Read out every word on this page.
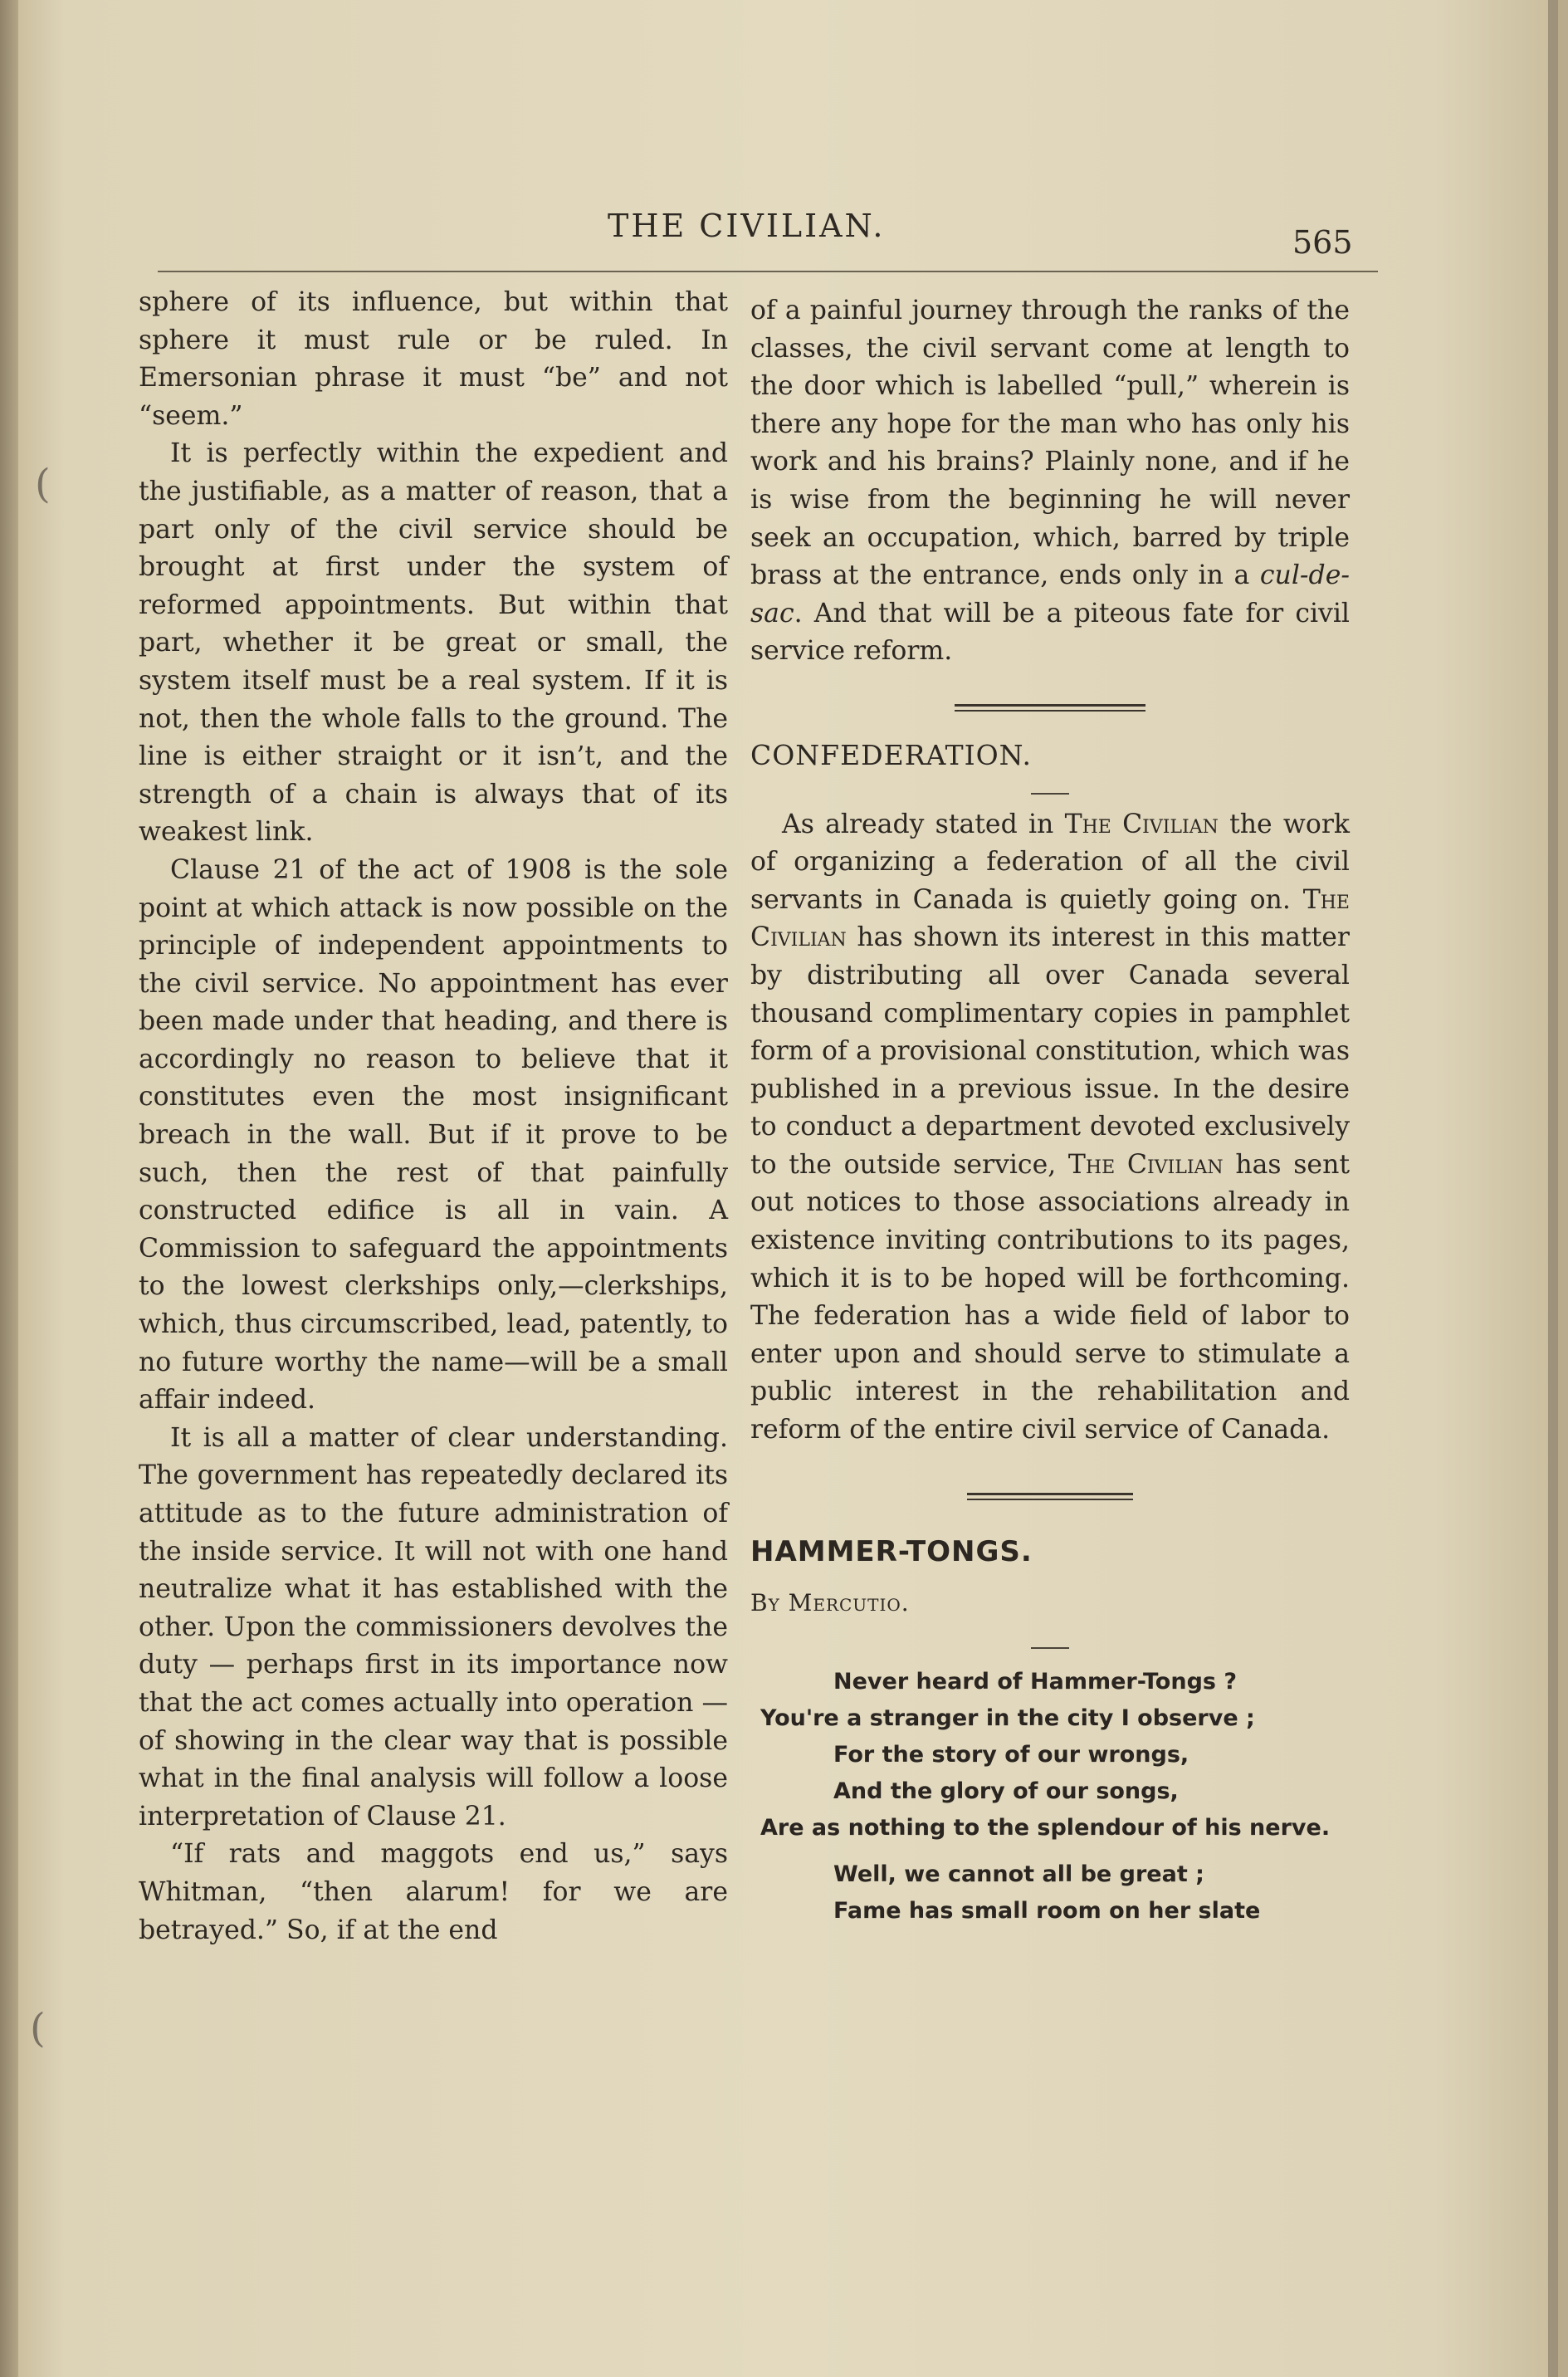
THE CIVILIAN.	565
(
(

sphere of its influence, but within that sphere it must rule or be ruled. In Emersonian phrase it must “be” and not “seem.”

It is perfectly within the expedient and the justifiable, as a matter of reason, that a part only of the civil service should be brought at first under the system of reformed appointments. But within that part, whether it be great or small, the system itself must be a real system. If it is not, then the whole falls to the ground. The line is either straight or it isn’t, and the strength of a chain is always that of its weakest link.

Clause 21 of the act of 1908 is the sole point at which attack is now possible on the principle of independent appointments to the civil service. No appointment has ever been made under that heading, and there is accordingly no reason to believe that it constitutes even the most insignificant breach in the wall. But if it prove to be such, then the rest of that painfully constructed edifice is all in vain. A Commission to safeguard the appointments to the lowest clerkships only,—clerkships, which, thus circumscribed, lead, patently, to no future worthy the name—will be a small affair indeed.

It is all a matter of clear understanding. The government has repeatedly declared its attitude as to the future administration of the inside service. It will not with one hand neutralize what it has established with the other. Upon the commissioners devolves the duty — perhaps first in its importance now that the act comes actually into operation —of showing in the clear way that is possible what in the final analysis will follow a loose interpretation of Clause 21.

“If rats and maggots end us,” says Whitman, “then alarum! for we are betrayed.” So, if at the end

of a painful journey through the ranks of the classes, the civil servant come at length to the door which is labelled “pull,” wherein is there any hope for the man who has only his work and his brains? Plainly none, and if he is wise from the beginning he will never seek an occupation, which, barred by triple brass at the entrance, ends only in a cul-de-sac. And that will be a piteous fate for civil service reform.

CONFEDERATION.

As already stated in The Civilian the work of organizing a federation of all the civil servants in Canada is quietly going on. The Civilian has shown its interest in this matter by distributing all over Canada several thousand complimentary copies in pamphlet form of a provisional constitution, which was published in a previous issue. In the desire to conduct a department devoted exclusively to the outside service, The Civilian has sent out notices to those associations already in existence inviting contributions to its pages, which it is to be hoped will be forthcoming. The federation has a wide field of labor to enter upon and should serve to stimulate a public interest in the rehabilitation and reform of the entire civil service of Canada.

HAMMER-TONGS.

By Mercutio.

Never heard of Hammer-Tongs ?
You're a stranger in the city I observe ;
For the story of our wrongs,
And the glory of our songs,
Are as nothing to the splendour of his nerve.
Well, we cannot all be great ;
Fame has small room on her slate
